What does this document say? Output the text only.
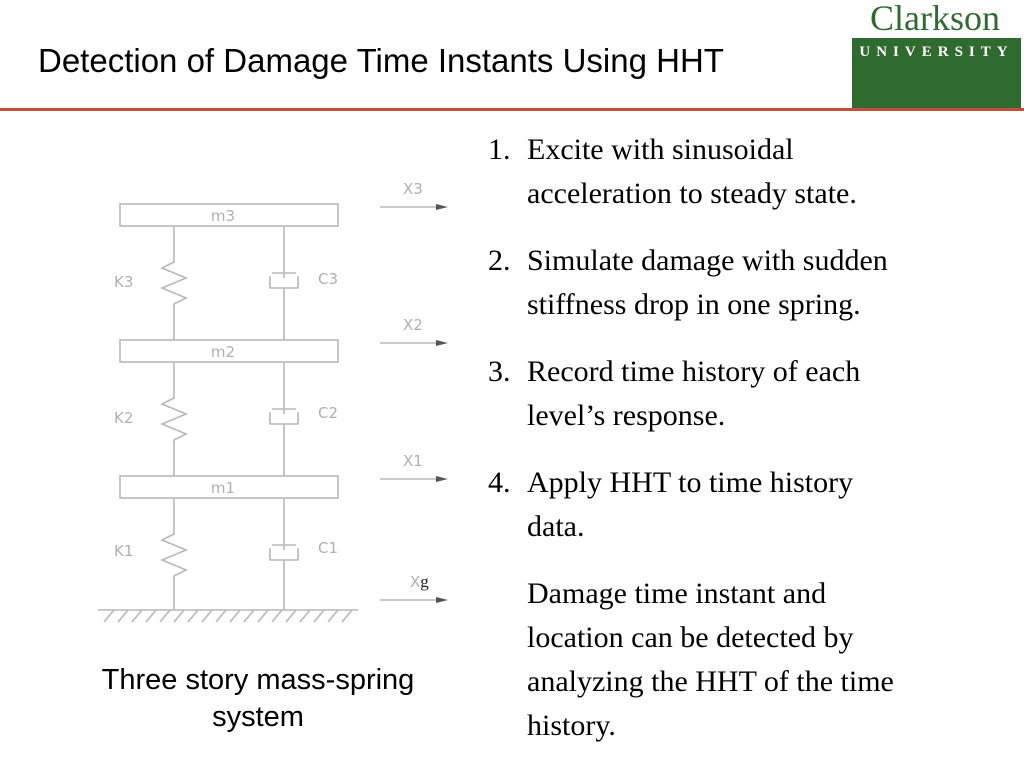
Detection of Damage Time Instants Using HHT
Clarkson
UNIVERSITY
m3
m2
m1
K3
K2
K1
C3
C2
C1
X3
X2
X1
Xg
Three story mass-spring
system
1. Excite with sinusoidal
acceleration to steady state.
2. Simulate damage with sudden
stiffness drop in one spring.
3. Record time history of each
level’s response.
4. Apply HHT to time history
data.
Damage time instant and
location can be detected by
analyzing the HHT of the time
history.
